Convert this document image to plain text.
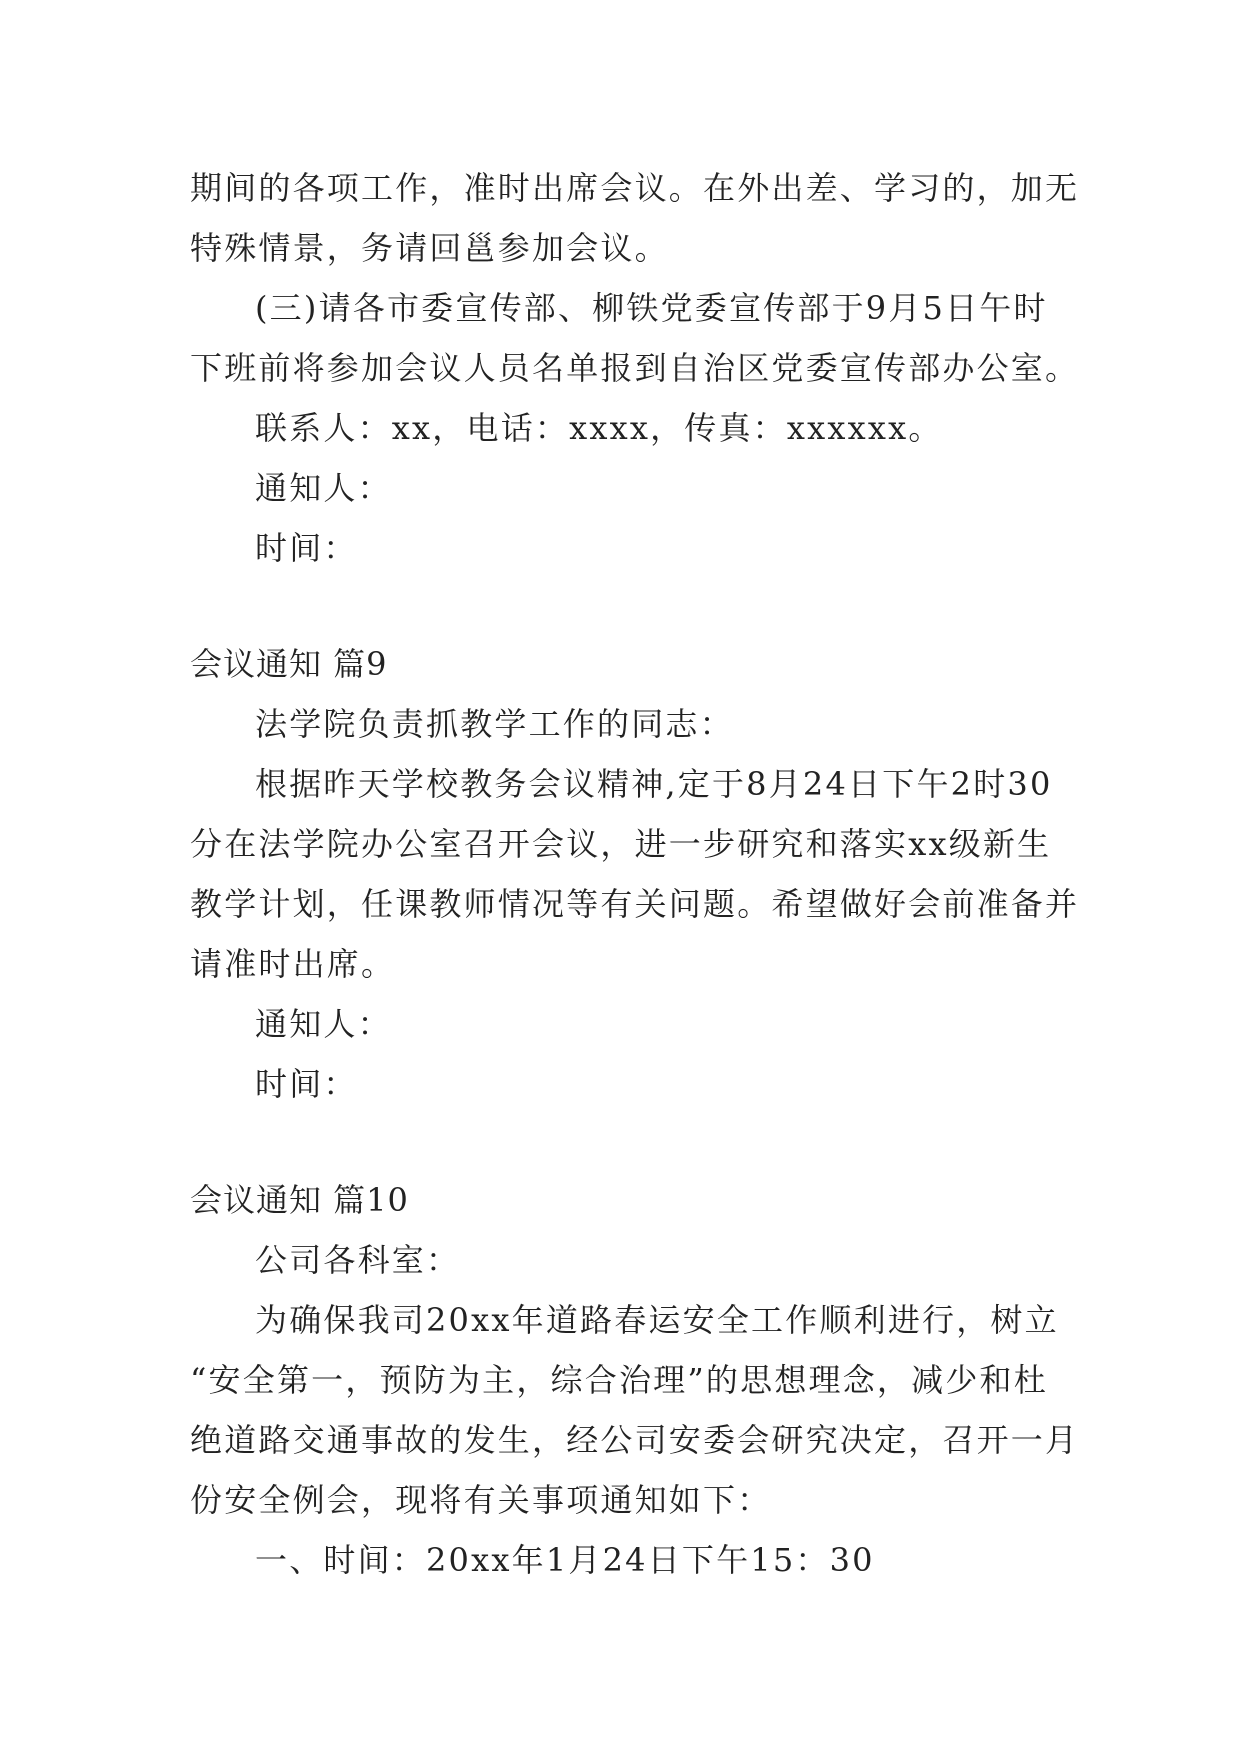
期间的各项工作，准时出席会议。在外出差、学习的，加无
特殊情景，务请回邕参加会议。
(三)请各市委宣传部、柳铁党委宣传部于9月5日午时
下班前将参加会议人员名单报到自治区党委宣传部办公室。
联系人：xx，电话：xxxx，传真：xxxxxx。
通知人：
时间：
会议通知 篇9
法学院负责抓教学工作的同志：
根据昨天学校教务会议精神,定于8月24日下午2时30
分在法学院办公室召开会议，进一步研究和落实xx级新生
教学计划，任课教师情况等有关问题。希望做好会前准备并
请准时出席。
通知人：
时间：
会议通知 篇10
公司各科室：
为确保我司20xx年道路春运安全工作顺利进行，树立
“安全第一，预防为主，综合治理”的思想理念，减少和杜
绝道路交通事故的发生，经公司安委会研究决定，召开一月
份安全例会，现将有关事项通知如下：
一、时间：20xx年1月24日下午15：30
